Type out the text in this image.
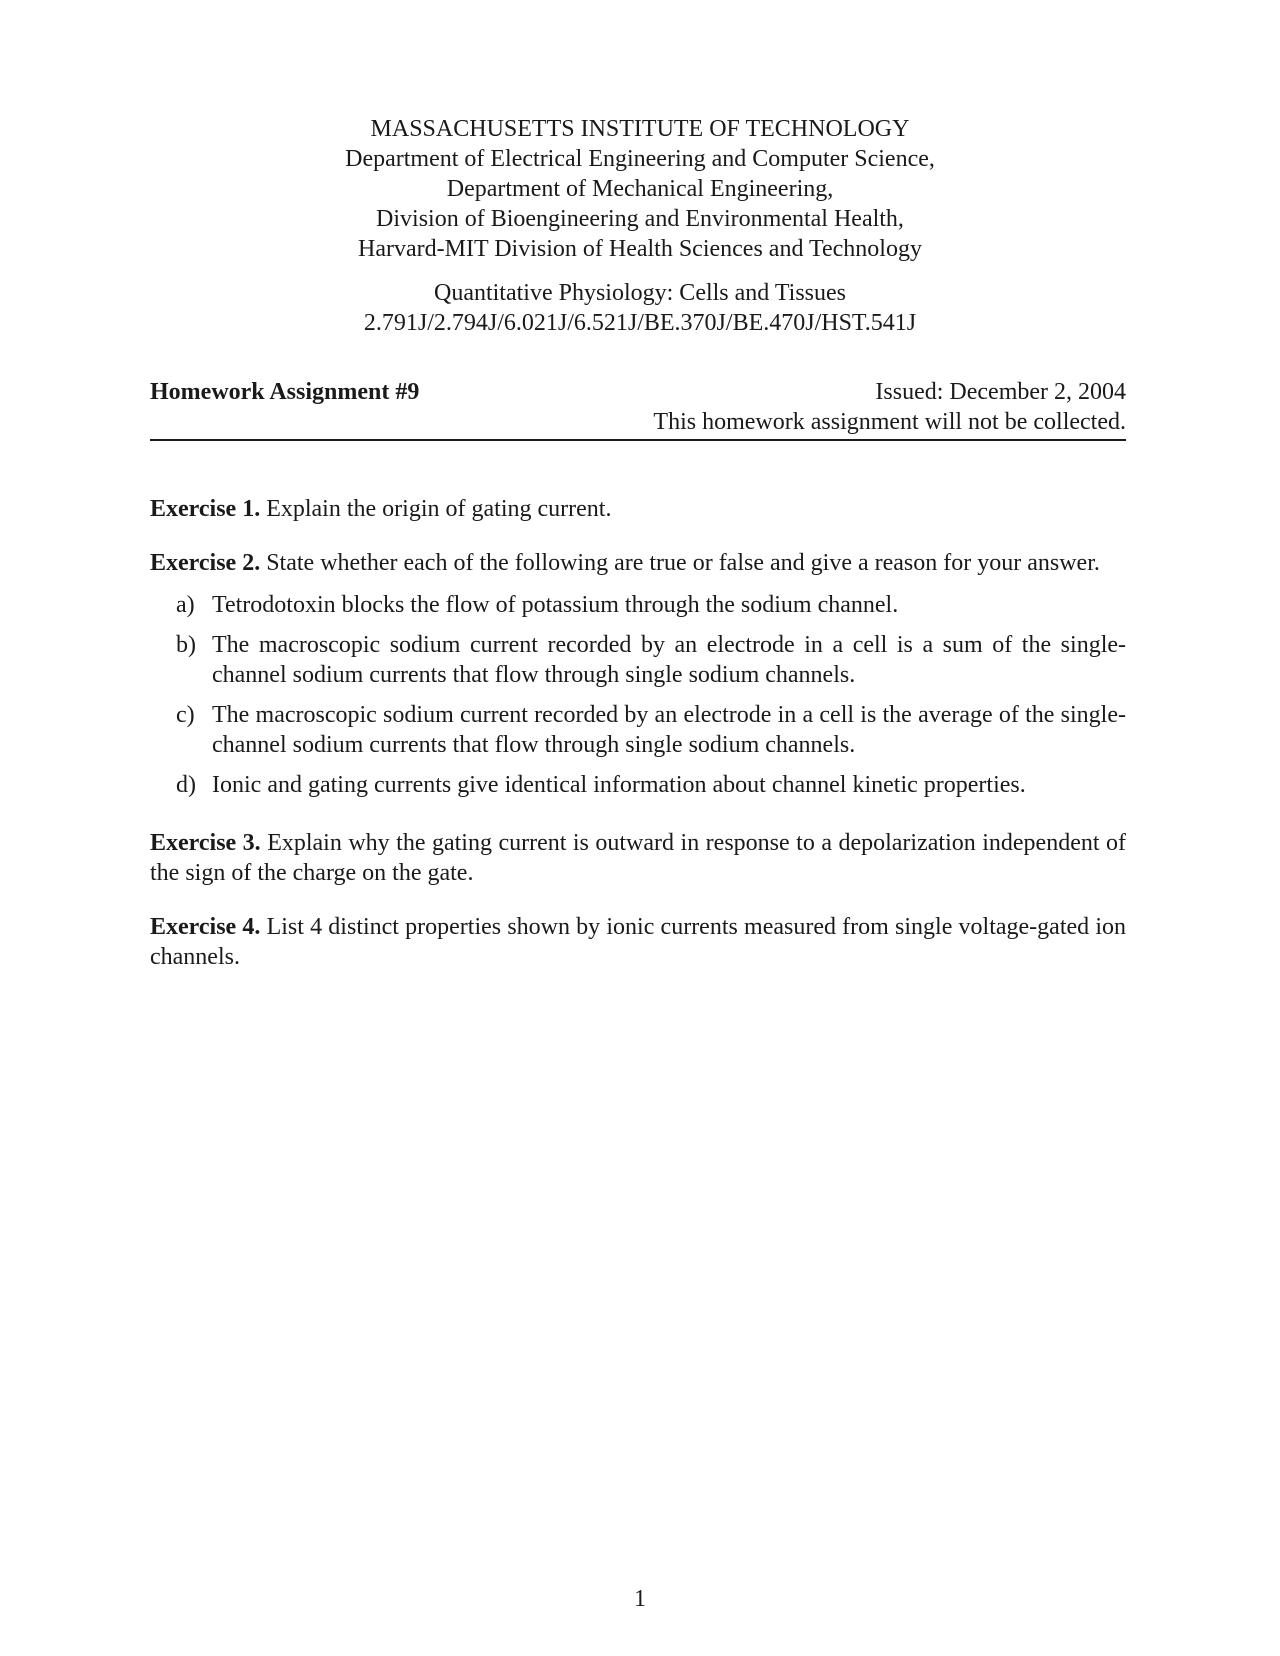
MASSACHUSETTS INSTITUTE OF TECHNOLOGY
Department of Electrical Engineering and Computer Science,
Department of Mechanical Engineering,
Division of Bioengineering and Environmental Health,
Harvard-MIT Division of Health Sciences and Technology
Quantitative Physiology: Cells and Tissues
2.791J/2.794J/6.021J/6.521J/BE.370J/BE.470J/HST.541J
Homework Assignment #9	Issued: December 2, 2004
This homework assignment will not be collected.

Exercise 1. Explain the origin of gating current.

Exercise 2. State whether each of the following are true or false and give a reason for your answer.

a) Tetrodotoxin blocks the flow of potassium through the sodium channel.
b) The macroscopic sodium current recorded by an electrode in a cell is a sum of the single-channel sodium currents that flow through single sodium channels.
c) The macroscopic sodium current recorded by an electrode in a cell is the average of the single-channel sodium currents that flow through single sodium channels.
d) Ionic and gating currents give identical information about channel kinetic properties.

Exercise 3. Explain why the gating current is outward in response to a depolarization independent of the sign of the charge on the gate.

Exercise 4. List 4 distinct properties shown by ionic currents measured from single voltage-gated ion channels.

1
